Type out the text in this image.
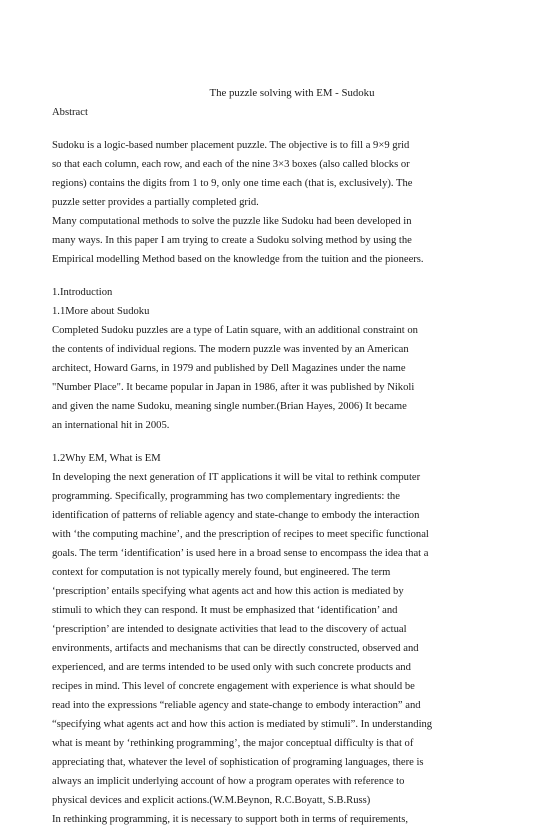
The puzzle solving with EM - Sudoku

Abstract

Sudoku is a logic-based number placement puzzle. The objective is to fill a 9×9 grid

so that each column, each row, and each of the nine 3×3 boxes (also called blocks or

regions) contains the digits from 1 to 9, only one time each (that is, exclusively). The

puzzle setter provides a partially completed grid.

Many computational methods to solve the puzzle like Sudoku had been developed in

many ways. In this paper I am trying to create a Sudoku solving method by using the

Empirical modelling Method based on the knowledge from the tuition and the pioneers.

1.Introduction

1.1More about Sudoku

Completed Sudoku puzzles are a type of Latin square, with an additional constraint on

the contents of individual regions. The modern puzzle was invented by an American

architect, Howard Garns, in 1979 and published by Dell Magazines under the name

"Number Place". It became popular in Japan in 1986, after it was published by Nikoli

and given the name Sudoku, meaning single number.(Brian Hayes, 2006) It became

an international hit in 2005.

1.2Why EM, What is EM

In developing the next generation of IT applications it will be vital to rethink computer

programming. Specifically, programming has two complementary ingredients: the

identification of patterns of reliable agency and state-change to embody the interaction

with ‘the computing machine’, and the prescription of recipes to meet specific functional

goals. The term ‘identification’ is used here in a broad sense to encompass the idea that a

context for computation is not typically merely found, but engineered. The term

‘prescription’ entails specifying what agents act and how this action is mediated by

stimuli to which they can respond. It must be emphasized that ‘identification’ and

‘prescription’ are intended to designate activities that lead to the discovery of actual

environments, artifacts and mechanisms that can be directly constructed, observed and

experienced, and are terms intended to be used only with such concrete products and

recipes in mind. This level of concrete engagement with experience is what should be

read into the expressions “reliable agency and state-change to embody interaction” and

“specifying what agents act and how this action is mediated by stimuli”. In understanding

what is meant by ‘rethinking programming’, the major conceptual difficulty is that of

appreciating that, whatever the level of sophistication of programing languages, there is

always an implicit underlying account of how a program operates with reference to

physical devices and explicit actions.(W.M.Beynon, R.C.Boyatt, S.B.Russ)

In rethinking programming, it is necessary to support both in terms of requirements,
